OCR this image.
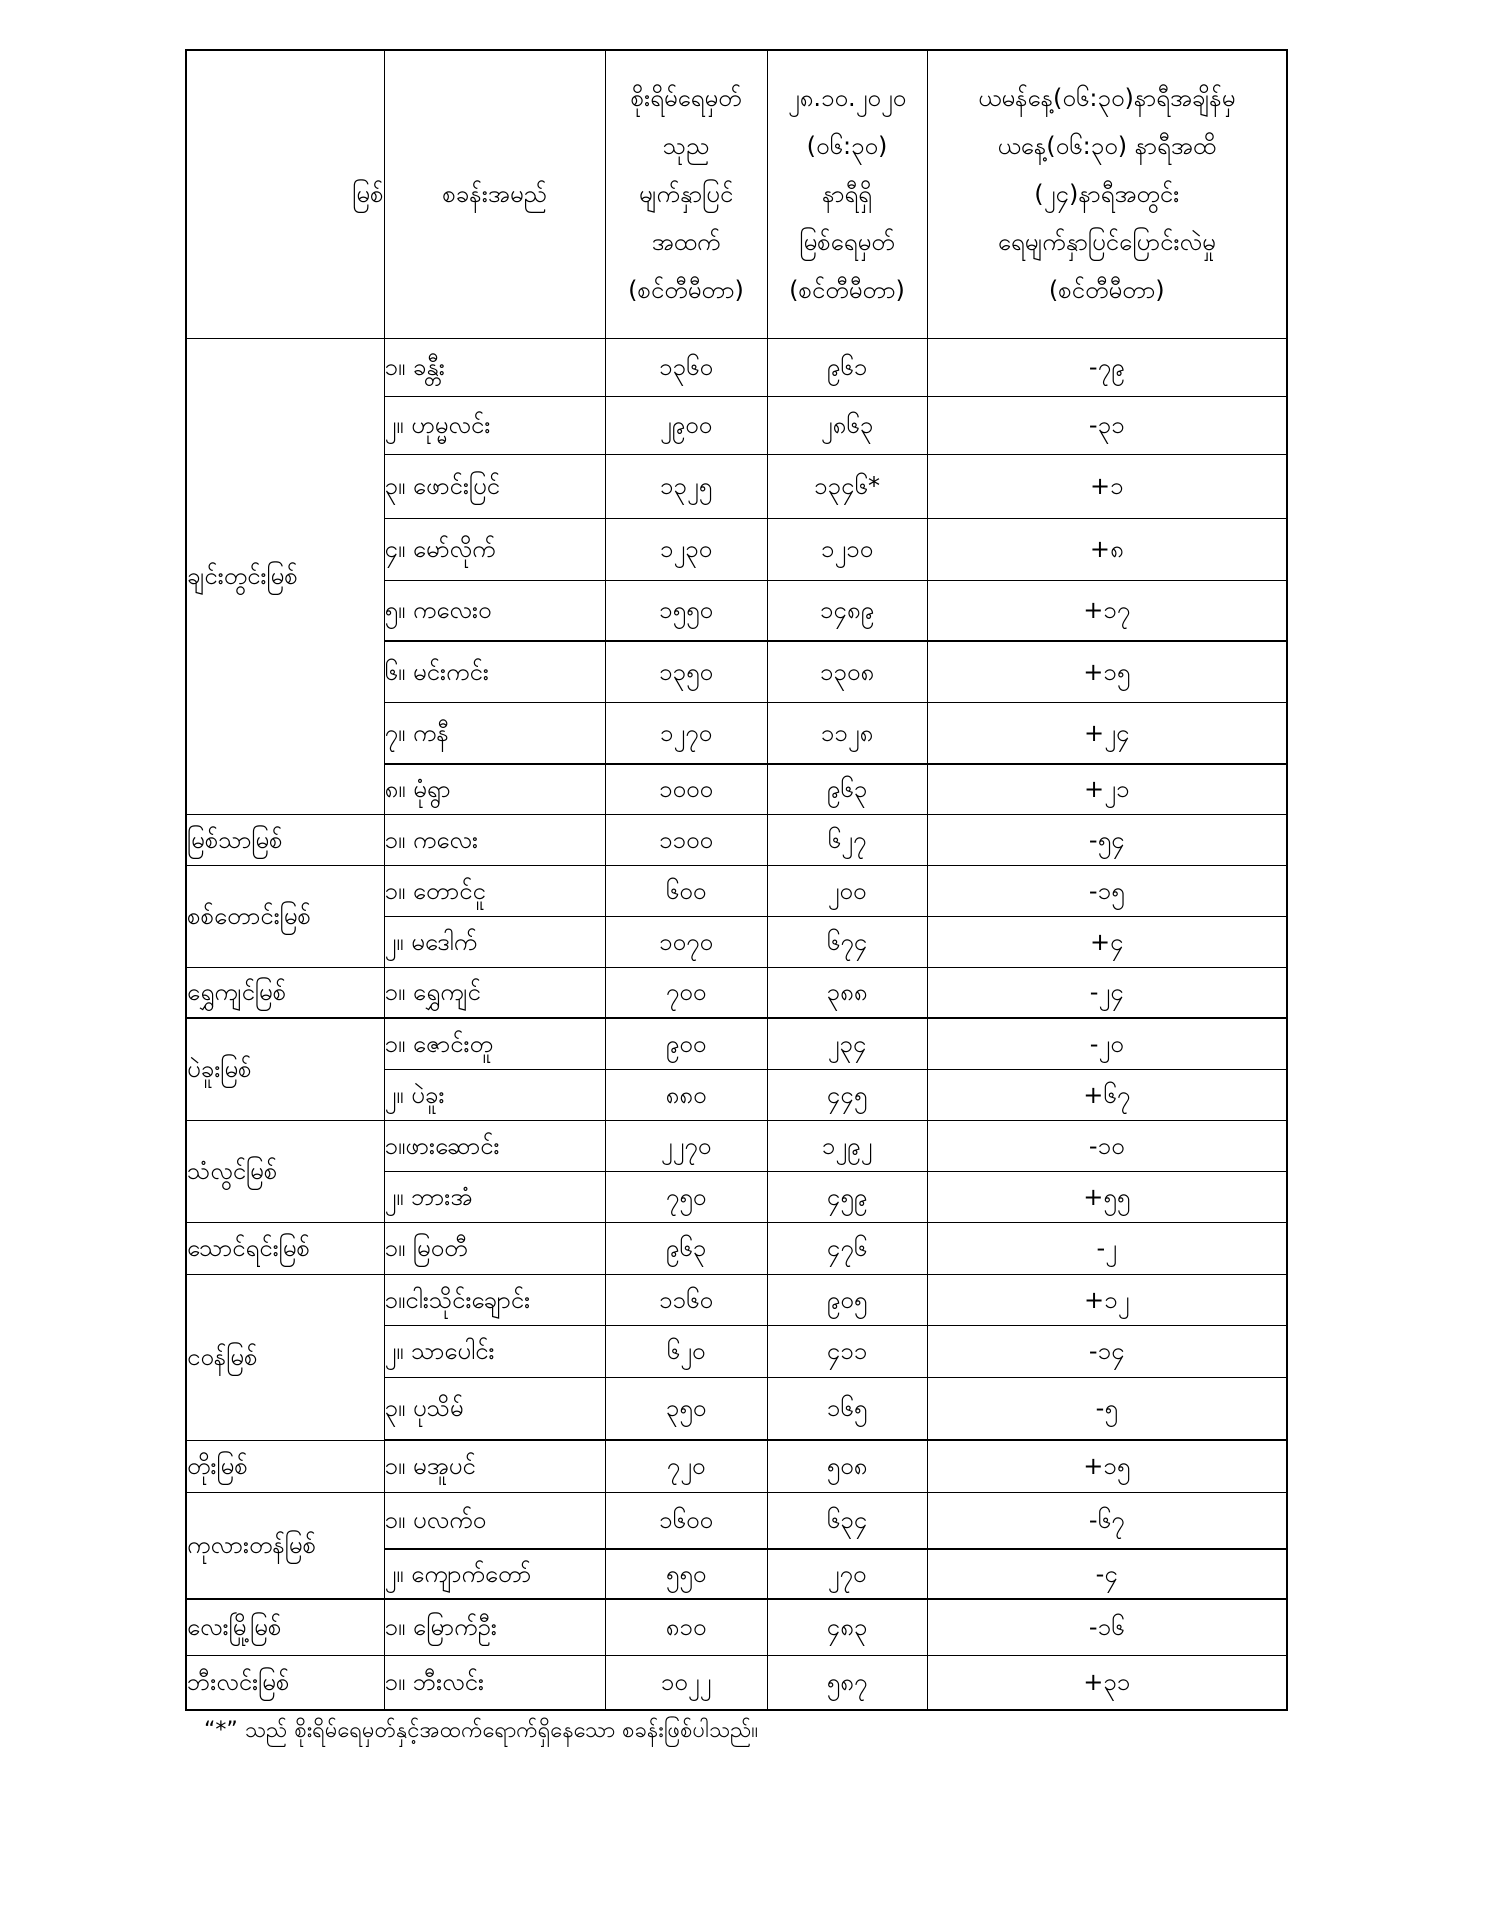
မြစ်	စခန်းအမည်	စိုးရိမ်ရေမှတ်
သုည
မျက်နှာပြင်
အထက်
(စင်တီမီတာ)	၂၈.၁၀.၂၀၂၀
(၀၆:၃၀)
နာရီရှိ
မြစ်ရေမှတ်
(စင်တီမီတာ)	ယမန်နေ့(၀၆:၃၀)နာရီအချိန်မှ
ယနေ့(၀၆:၃၀) နာရီအထိ
(၂၄)နာရီအတွင်း
ရေမျက်နှာပြင်ပြောင်းလဲမှု
(စင်တီမီတာ)

ချင်းတွင်းမြစ်	၁။ ခန္တီး	၁၃၆၀	၉၆၁	-၇၉
	၂။ ဟုမ္မလင်း	၂၉၀၀	၂၈၆၃	-၃၁
	၃။ ဖောင်းပြင်	၁၃၂၅	၁၃၄၆*	+၁
	၄။ မော်လိုက်	၁၂၃၀	၁၂၁၀	+၈
	၅။ ကလေးဝ	၁၅၅၀	၁၄၈၉	+၁၇
	၆။ မင်းကင်း	၁၃၅၀	၁၃၀၈	+၁၅
	၇။ ကနီ	၁၂၇၀	၁၁၂၈	+၂၄
	၈။ မုံရွာ	၁၀၀၀	၉၆၃	+၂၁
မြစ်သာမြစ်	၁။ ကလေး	၁၁၀၀	၆၂၇	-၅၄
စစ်တောင်းမြစ်	၁။ တောင်ငူ	၆၀၀	၂၀၀	-၁၅
	၂။ မဒေါက်	၁၀၇၀	၆၇၄	+၄
ရွှေကျင်မြစ်	၁။ ရွှေကျင်	၇၀၀	၃၈၈	-၂၄
ပဲခူးမြစ်	၁။ ဇောင်းတူ	၉၀၀	၂၃၄	-၂၀
	၂။ ပဲခူး	၈၈၀	၄၄၅	+၆၇
သံလွင်မြစ်	၁။ဖားဆောင်း	၂၂၇၀	၁၂၉၂	-၁၀
	၂။ ဘားအံ	၇၅၀	၄၅၉	+၅၅
သောင်ရင်းမြစ်	၁။ မြဝတီ	၉၆၃	၄၇၆	-၂
ငဝန်မြစ်	၁။ငါးသိုင်းချောင်း	၁၁၆၀	၉၀၅	+၁၂
	၂။ သာပေါင်း	၆၂၀	၄၁၁	-၁၄
	၃။ ပုသိမ်	၃၅၀	၁၆၅	-၅
တိုးမြစ်	၁။ မအူပင်	၇၂၀	၅၀၈	+၁၅
ကုလားတန်မြစ်	၁။ ပလက်ဝ	၁၆၀၀	၆၃၄	-၆၇
	၂။ ကျောက်တော်	၅၅၀	၂၇၀	-၄
လေးမြို့မြစ်	၁။ မြောက်ဦး	၈၁၀	၄၈၃	-၁၆
ဘီးလင်းမြစ်	၁။ ဘီးလင်း	၁၀၂၂	၅၈၇	+၃၁
“*” သည် စိုးရိမ်ရေမှတ်နှင့်အထက်ရောက်ရှိနေသော စခန်းဖြစ်ပါသည်။
